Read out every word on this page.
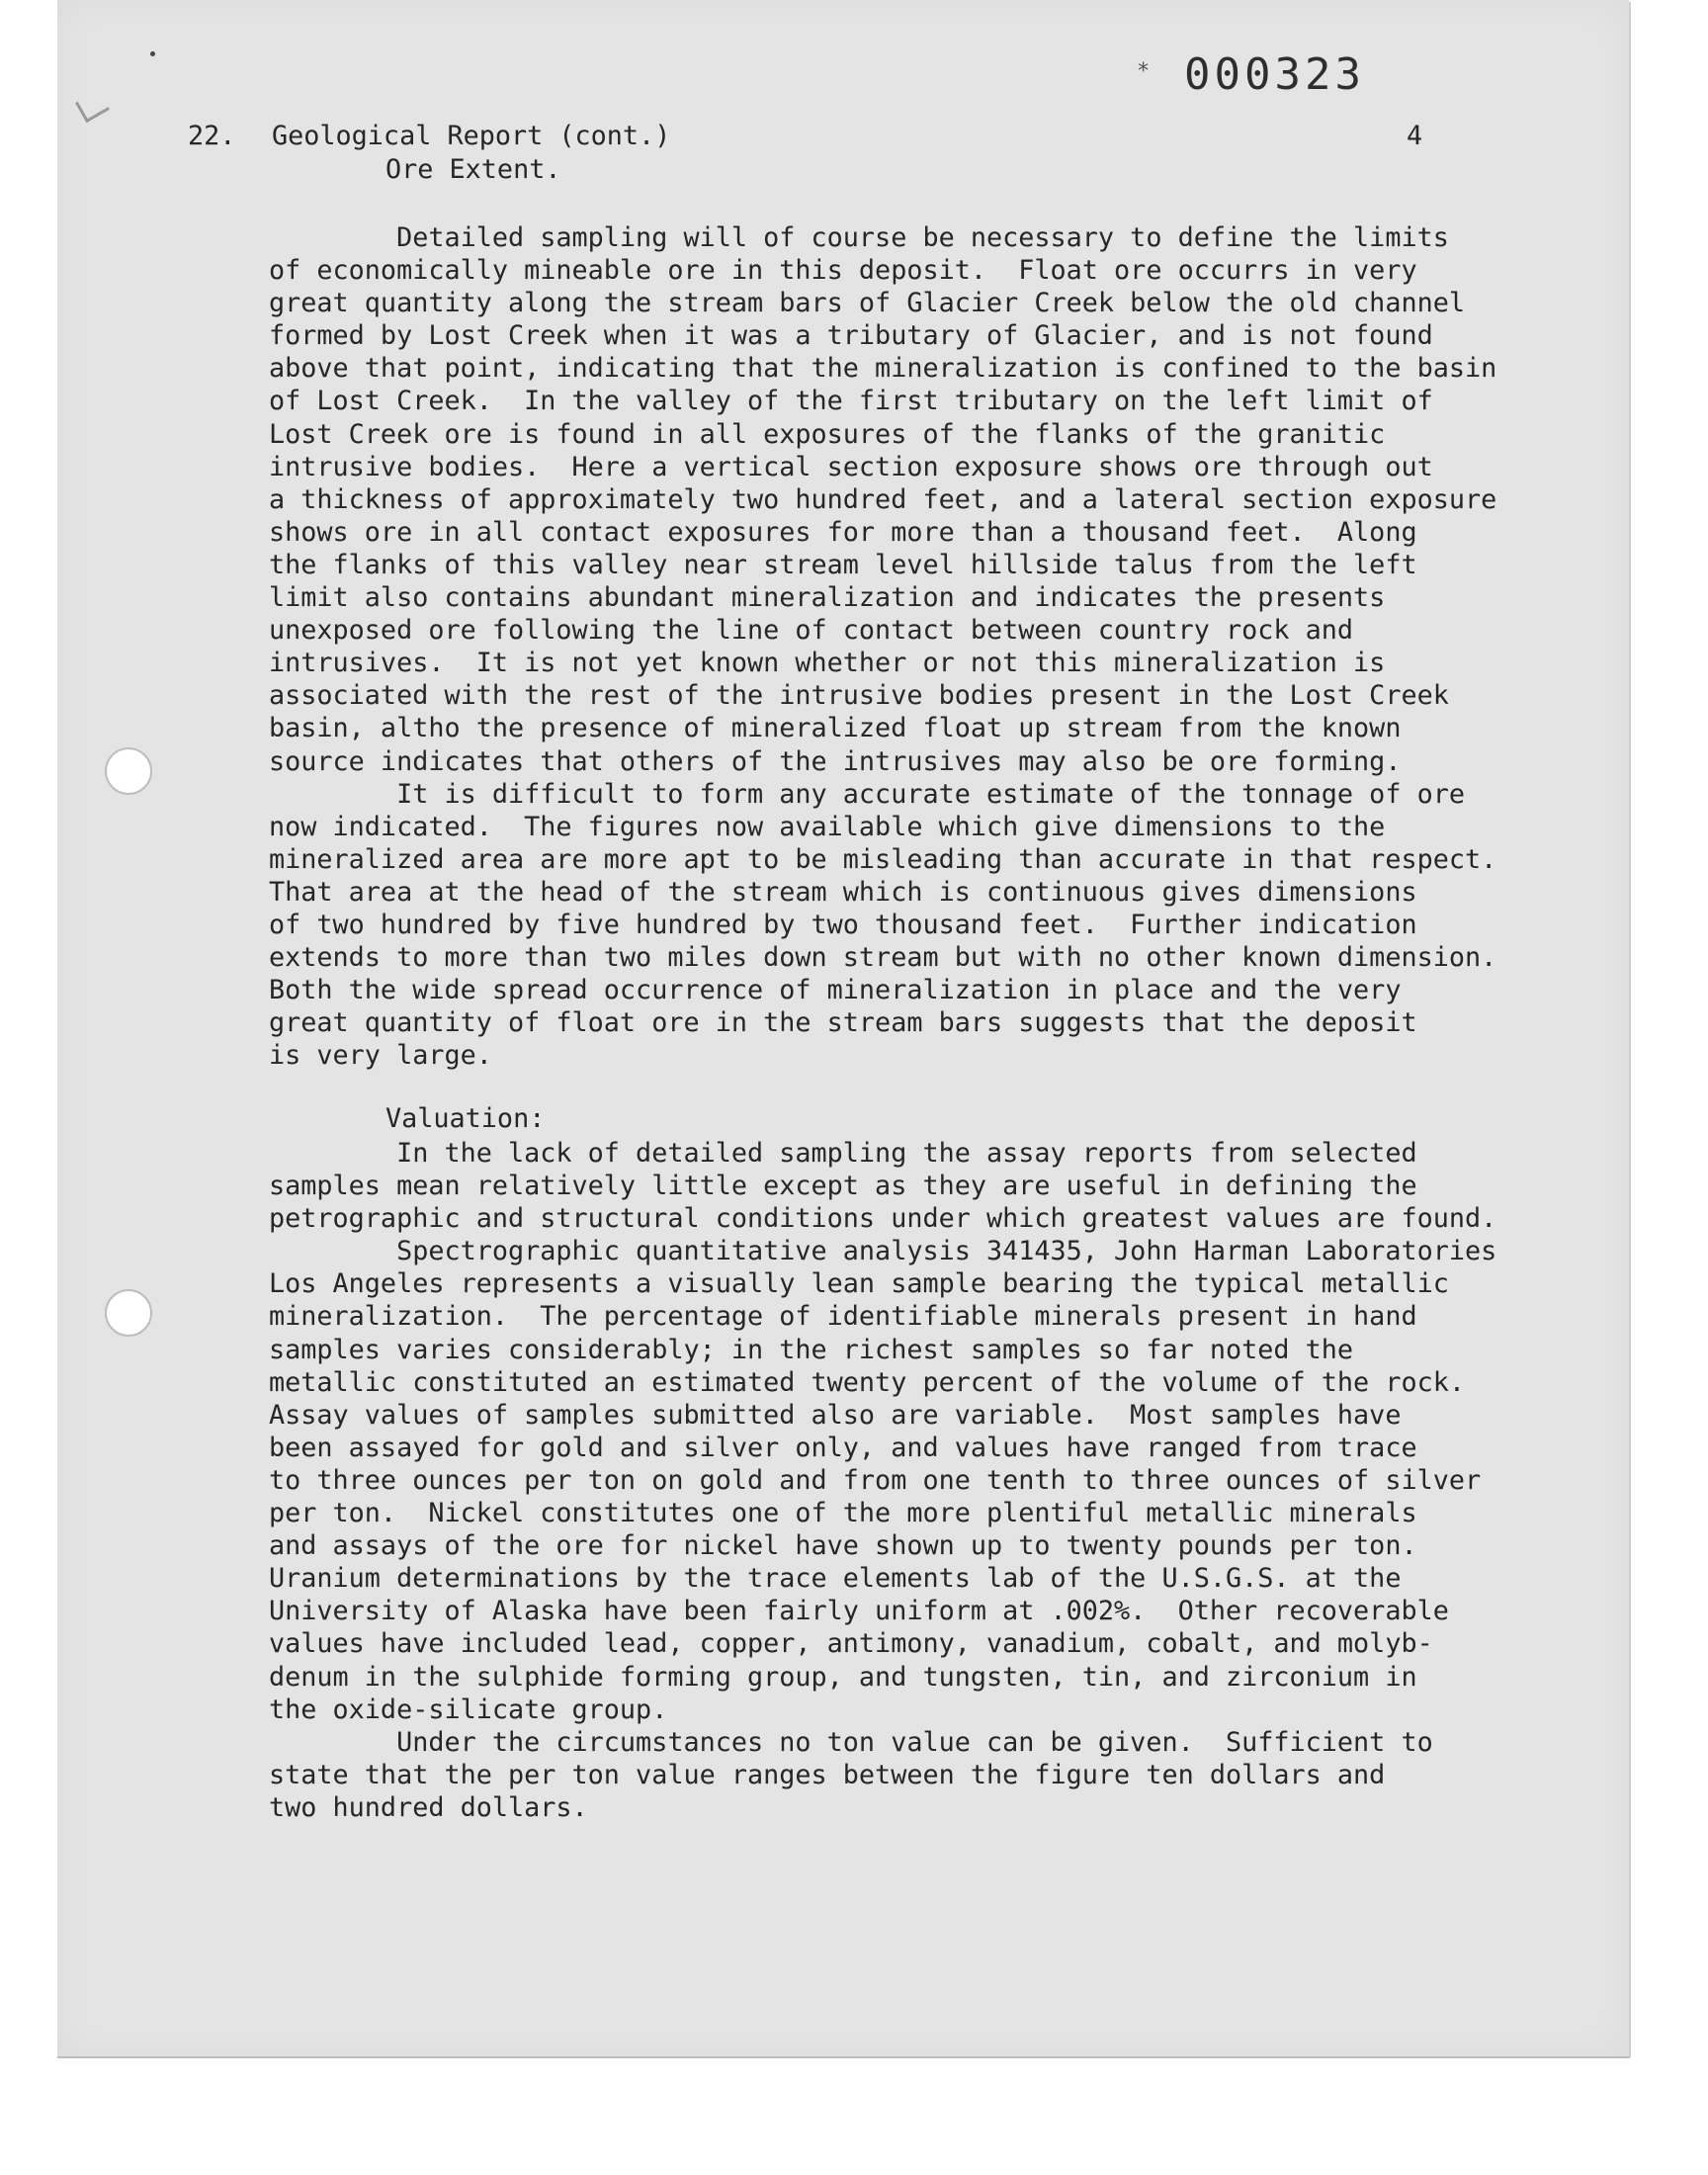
* 000323
22. Geological Report (cont.)	4
Ore Extent.
Detailed sampling will of course be necessary to define the limits
of economically mineable ore in this deposit.  Float ore occurrs in very
great quantity along the stream bars of Glacier Creek below the old channel
formed by Lost Creek when it was a tributary of Glacier, and is not found
above that point, indicating that the mineralization is confined to the basin
of Lost Creek.  In the valley of the first tributary on the left limit of
Lost Creek ore is found in all exposures of the flanks of the granitic
intrusive bodies.  Here a vertical section exposure shows ore through out
a thickness of approximately two hundred feet, and a lateral section exposure
shows ore in all contact exposures for more than a thousand feet.  Along
the flanks of this valley near stream level hillside talus from the left
limit also contains abundant mineralization and indicates the presents
unexposed ore following the line of contact between country rock and
intrusives.  It is not yet known whether or not this mineralization is
associated with the rest of the intrusive bodies present in the Lost Creek
basin, altho the presence of mineralized float up stream from the known
source indicates that others of the intrusives may also be ore forming.
It is difficult to form any accurate estimate of the tonnage of ore
now indicated.  The figures now available which give dimensions to the
mineralized area are more apt to be misleading than accurate in that respect.
That area at the head of the stream which is continuous gives dimensions
of two hundred by five hundred by two thousand feet.  Further indication
extends to more than two miles down stream but with no other known dimension.
Both the wide spread occurrence of mineralization in place and the very
great quantity of float ore in the stream bars suggests that the deposit
is very large.
Valuation:
In the lack of detailed sampling the assay reports from selected
samples mean relatively little except as they are useful in defining the
petrographic and structural conditions under which greatest values are found.
Spectrographic quantitative analysis 341435, John Harman Laboratories
Los Angeles represents a visually lean sample bearing the typical metallic
mineralization.  The percentage of identifiable minerals present in hand
samples varies considerably; in the richest samples so far noted the
metallic constituted an estimated twenty percent of the volume of the rock.
Assay values of samples submitted also are variable.  Most samples have
been assayed for gold and silver only, and values have ranged from trace
to three ounces per ton on gold and from one tenth to three ounces of silver
per ton.  Nickel constitutes one of the more plentiful metallic minerals
and assays of the ore for nickel have shown up to twenty pounds per ton.
Uranium determinations by the trace elements lab of the U.S.G.S. at the
University of Alaska have been fairly uniform at .002%.  Other recoverable
values have included lead, copper, antimony, vanadium, cobalt, and molyb-
denum in the sulphide forming group, and tungsten, tin, and zirconium in
the oxide-silicate group.
Under the circumstances no ton value can be given.  Sufficient to
state that the per ton value ranges between the figure ten dollars and
two hundred dollars.
